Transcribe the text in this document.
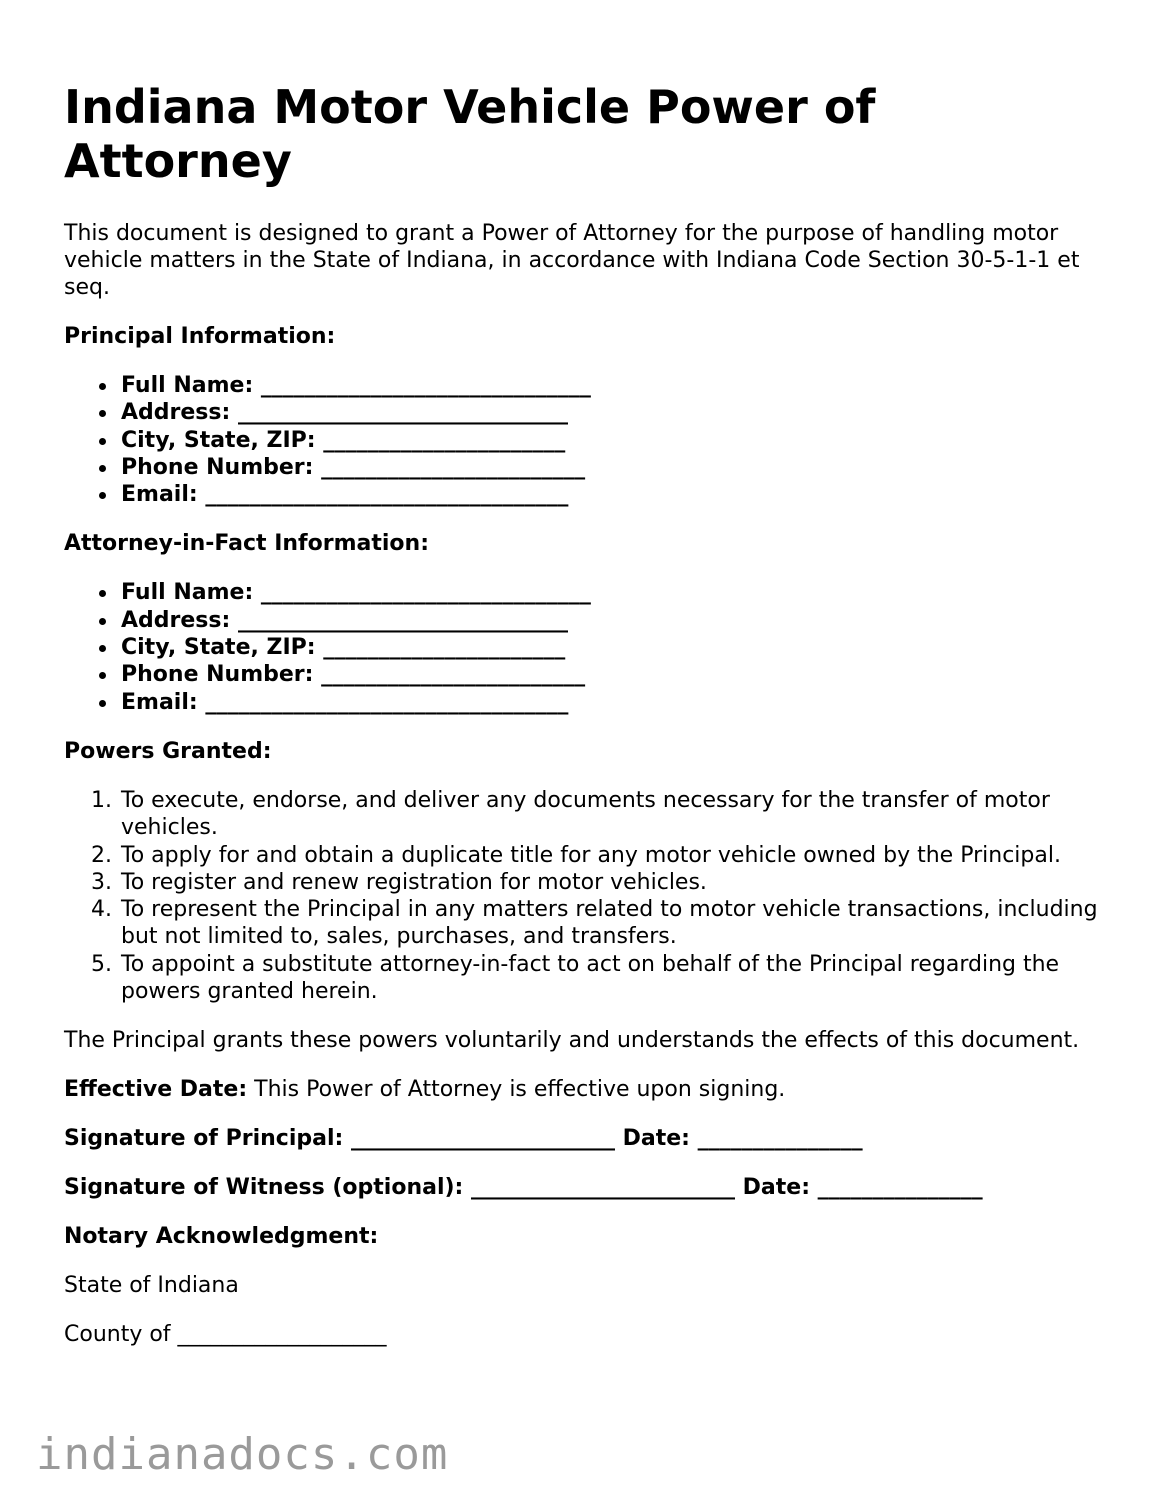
Indiana Motor Vehicle Power of Attorney

This document is designed to grant a Power of Attorney for the purpose of handling motor vehicle matters in the State of Indiana, in accordance with Indiana Code Section 30-5-1-1 et seq.

Principal Information:

Full Name: ______________________________
Address: ______________________________
City, State, ZIP: ______________________
Phone Number: ________________________
Email: _________________________________

Attorney-in-Fact Information:

Full Name: ______________________________
Address: ______________________________
City, State, ZIP: ______________________
Phone Number: ________________________
Email: _________________________________

Powers Granted:

1. To execute, endorse, and deliver any documents necessary for the transfer of motor vehicles.
2. To apply for and obtain a duplicate title for any motor vehicle owned by the Principal.
3. To register and renew registration for motor vehicles.
4. To represent the Principal in any matters related to motor vehicle transactions, including but not limited to, sales, purchases, and transfers.
5. To appoint a substitute attorney-in-fact to act on behalf of the Principal regarding the powers granted herein.

The Principal grants these powers voluntarily and understands the effects of this document.

Effective Date: This Power of Attorney is effective upon signing.

Signature of Principal: ________________________ Date: _______________

Signature of Witness (optional): ________________________ Date: _______________

Notary Acknowledgment:

State of Indiana

County of ___________________

indianadocs.com
